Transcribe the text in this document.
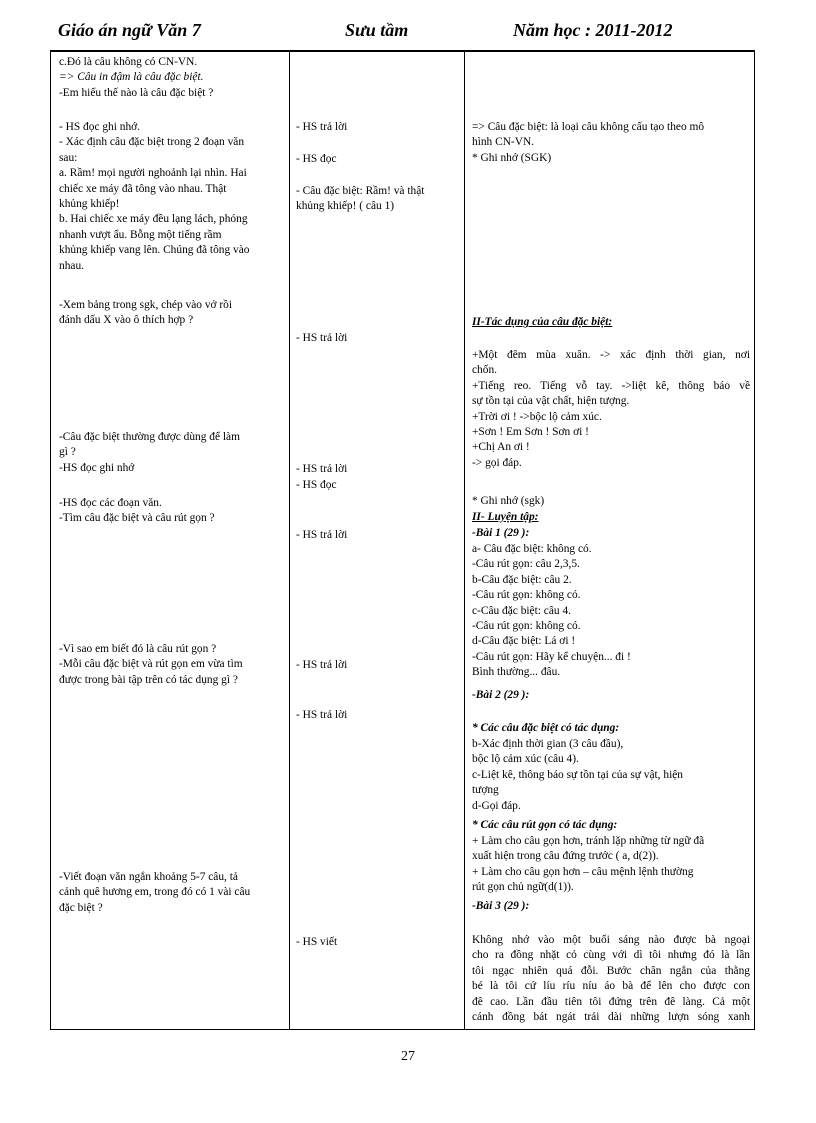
Giáo án ngữ Văn 7	Sưu tầm	Năm học : 2011-2012
c.Đó là câu không có CN-VN.
=> Câu in đậm là câu đặc biệt.
-Em hiểu thế nào là câu đặc biệt ?
- HS đọc ghi nhớ.
- Xác định câu đặc biệt trong 2 đoạn văn
sau:
a. Rầm! mọi người nghoảnh lại nhìn. Hai
chiếc xe máy đã tông vào nhau. Thật
khủng khiếp!
b. Hai chiếc xe máy đều lạng lách, phóng
nhanh vượt ẩu. Bỗng một tiếng rầm
khủng khiếp vang lên. Chúng đã tông vào
nhau.
-Xem bảng trong sgk, chép vào vở rồi
đánh dấu X vào ô thích hợp ?
-Câu đặc biệt thường được dùng để làm
gì ?
-HS đọc ghi nhớ
-HS đọc các đoạn văn.
-Tìm câu đặc biệt và câu rút gọn ?
-Vì sao em biết đó là câu rút gọn ?
-Mỗi câu đặc biệt và rút gọn em vừa tìm
được trong bài tập trên có tác dụng gì ?
-Viết đoạn văn ngắn khoảng 5-7 câu, tả
cảnh quê hương em, trong đó có 1 vài câu
đặc biệt ?
- HS trả lời
- HS đọc
- Câu đặc biệt: Rầm! và thật
khủng khiếp! ( câu 1)
- HS trả lời
- HS trả lời
- HS đọc
- HS trả lời
- HS trả lời
- HS trả lời
- HS viết
=> Câu đặc biệt: là loại câu không cấu tạo theo mô
hình CN-VN.
* Ghi nhớ (SGK)
II-Tác dụng của câu đặc biệt:
+Một đêm mùa xuân. -> xác định thời gian, nơi
chốn.
+Tiếng reo. Tiếng vỗ tay. ->liệt kê, thông báo về
sự tồn tại của vật chất, hiện tượng.
+Trời ơi ! ->bộc lộ cảm xúc.
+Sơn ! Em Sơn ! Sơn ơi !
+Chị An ơi !
-> gọi đáp.
* Ghi nhớ (sgk)
II- Luyện tập:
-Bài 1 (29 ):
a- Câu đặc biệt: không có.
-Câu rút gọn: câu 2,3,5.
b-Câu đặc biệt: câu 2.
-Câu rút gọn: không có.
c-Câu đặc biệt: câu 4.
-Câu rút gọn: không có.
d-Câu đặc biệt: Lá ơi !
-Câu rút gọn: Hãy kể chuyện... đi !
Bình thường... đâu.
-Bài 2 (29 ):
* Các câu đặc biệt có tác dụng:
b-Xác định thời gian (3 câu đầu),
bộc lộ cảm xúc (câu 4).
c-Liệt kê, thông báo sự tồn tại của sự vật, hiện
tượng
d-Gọi đáp.
* Các câu rút gọn có tác dụng:
+ Làm cho câu gọn hơn, tránh lặp những từ ngữ đã
xuất hiện trong câu đứng trước ( a, d(2)).
+ Làm cho câu gọn hơn – câu mệnh lệnh thường
rút gọn chủ ngữ(d(1)).
-Bài 3 (29 ):
Không nhớ vào một buổi sáng nào được bà ngoại
cho ra đồng nhặt cỏ cùng với dì tôi nhưng đó là lần
tôi ngạc nhiên quá đỗi. Bước chân ngắn của thằng
bé là tôi cứ líu ríu níu áo bà để lên cho được con
đê cao. Lần đầu tiên tôi đứng trên đê làng. Cả một
cánh đồng bát ngát trải dài những lượn sóng xanh
27
